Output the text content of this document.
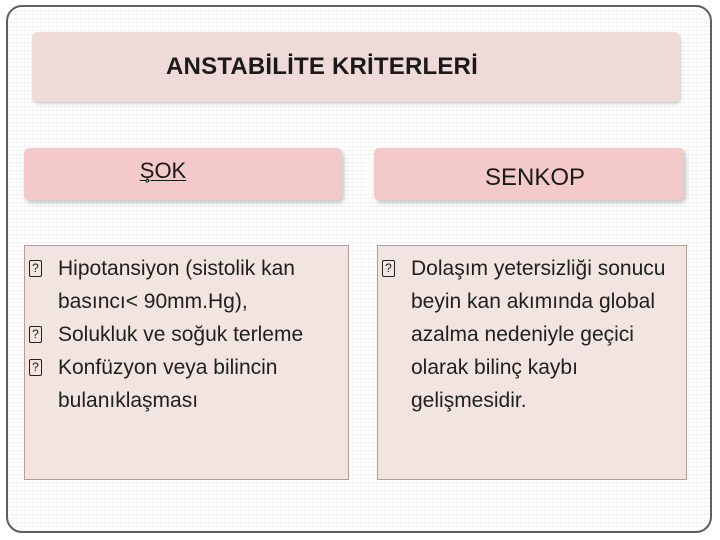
ANSTABİLİTE KRİTERLERİ
ŞOK	SENKOP
? Hipotansiyon (sistolik kan basıncı< 90mm.Hg),
? Solukluk ve soğuk terleme
? Konfüzyon veya bilincin bulanıklaşması
? Dolaşım yetersizliği sonucu beyin kan akımında global azalma nedeniyle geçici olarak bilinç kaybı gelişmesidir.
